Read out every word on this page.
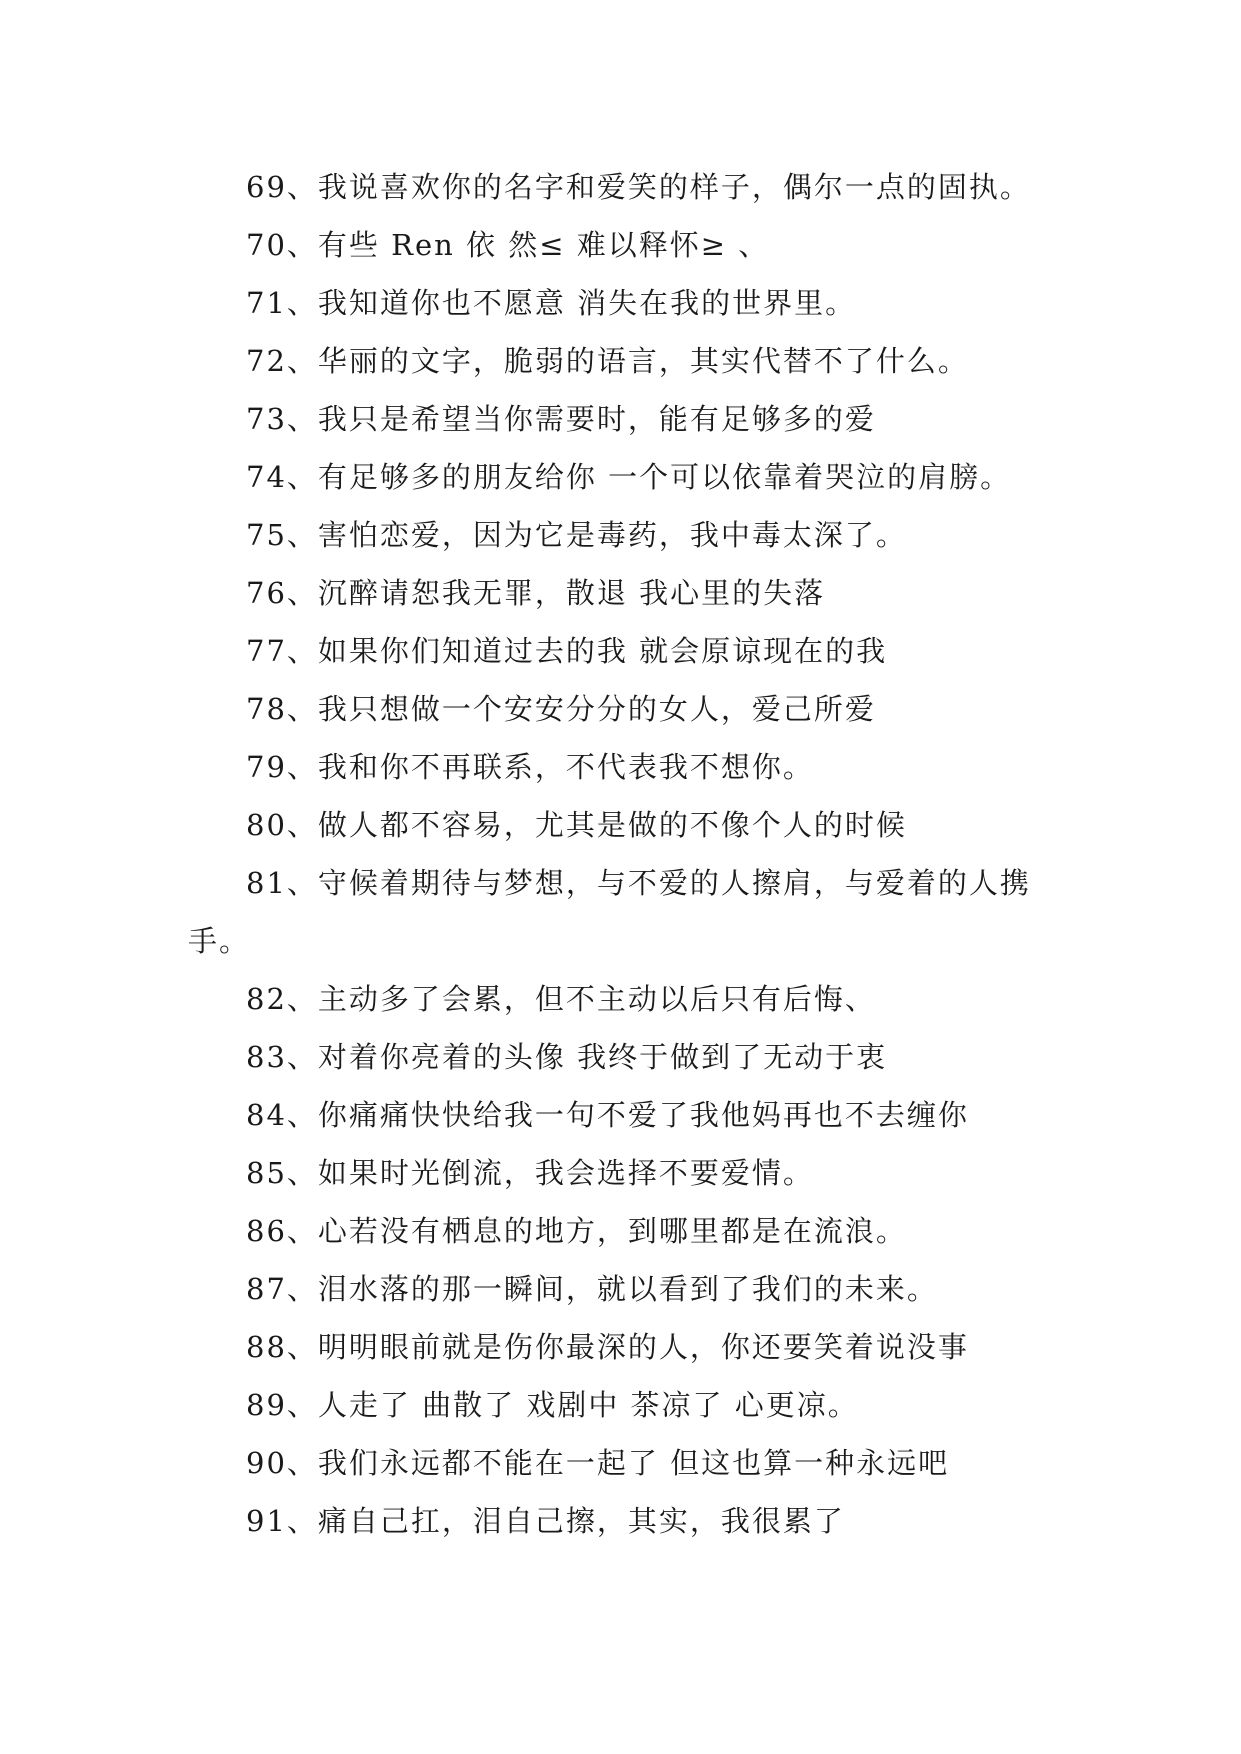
69、我说喜欢你的名字和爱笑的样子，偶尔一点的固执。

70、有些 Ren 依 然≤ 难以释怀≥ 、

71、我知道你也不愿意 消失在我的世界里。

72、华丽的文字，脆弱的语言，其实代替不了什么。

73、我只是希望当你需要时，能有足够多的爱

74、有足够多的朋友给你 一个可以依靠着哭泣的肩膀。

75、害怕恋爱，因为它是毒药，我中毒太深了。

76、沉醉请恕我无罪，散退 我心里的失落

77、如果你们知道过去的我 就会原谅现在的我

78、我只想做一个安安分分的女人，爱己所爱

79、我和你不再联系，不代表我不想你。

80、做人都不容易，尤其是做的不像个人的时候

81、守候着期待与梦想，与不爱的人擦肩，与爱着的人携手。

82、主动多了会累，但不主动以后只有后悔、

83、对着你亮着的头像 我终于做到了无动于衷

84、你痛痛快快给我一句不爱了我他妈再也不去缠你

85、如果时光倒流，我会选择不要爱情。

86、心若没有栖息的地方，到哪里都是在流浪。

87、泪水落的那一瞬间，就以看到了我们的未来。

88、明明眼前就是伤你最深的人，你还要笑着说没事

89、人走了 曲散了 戏剧中 茶凉了 心更凉。

90、我们永远都不能在一起了 但这也算一种永远吧

91、痛自己扛，泪自己擦，其实，我很累了
